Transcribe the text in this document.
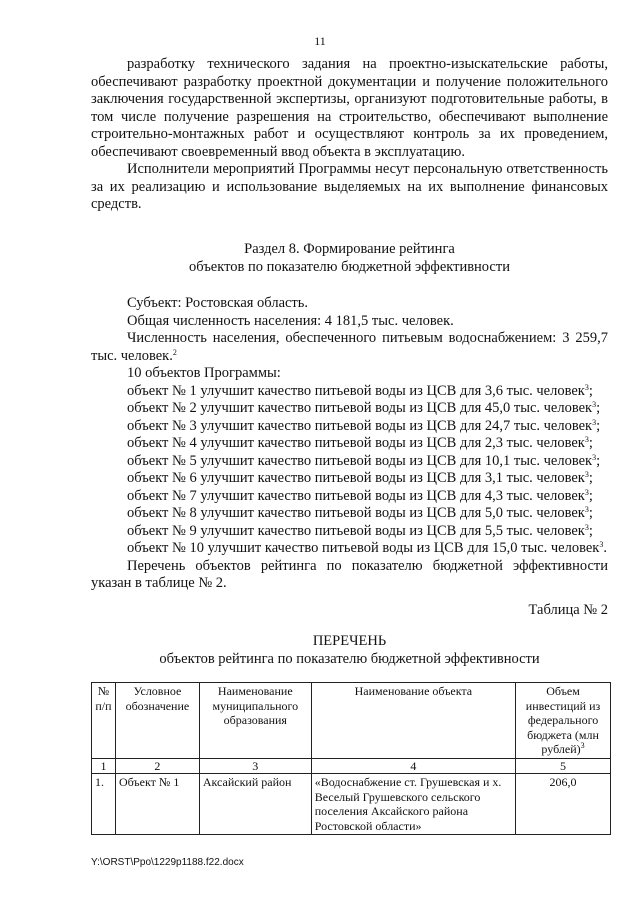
11

разработку технического задания на проектно-изыскательские работы, обеспечивают разработку проектной документации и получение положительного заключения государственной экспертизы, организуют подготовительные работы, в том числе получение разрешения на строительство, обеспечивают выполнение строительно-монтажных работ и осуществляют контроль за их проведением, обеспечивают своевременный ввод объекта в эксплуатацию.

Исполнители мероприятий Программы несут персональную ответственность за их реализацию и использование выделяемых на их выполнение финансовых средств.

Раздел 8. Формирование рейтинга

объектов по показателю бюджетной эффективности

Субъект: Ростовская область.

Общая численность населения: 4 181,5 тыс. человек.

Численность населения, обеспеченного питьевым водоснабжением: 3 259,7 тыс. человек.$^2$

10 объектов Программы:

объект № 1 улучшит качество питьевой воды из ЦСВ для 3,6 тыс. человек$^3$;

объект № 2 улучшит качество питьевой воды из ЦСВ для 45,0 тыс. человек$^3$;

объект № 3 улучшит качество питьевой воды из ЦСВ для 24,7 тыс. человек$^3$;

объект № 4 улучшит качество питьевой воды из ЦСВ для 2,3 тыс. человек$^3$;

объект № 5 улучшит качество питьевой воды из ЦСВ для 10,1 тыс. человек$^3$;

объект № 6 улучшит качество питьевой воды из ЦСВ для 3,1 тыс. человек$^3$;

объект № 7 улучшит качество питьевой воды из ЦСВ для 4,3 тыс. человек$^3$;

объект № 8 улучшит качество питьевой воды из ЦСВ для 5,0 тыс. человек$^3$;

объект № 9 улучшит качество питьевой воды из ЦСВ для 5,5 тыс. человек$^3$;

объект № 10 улучшит качество питьевой воды из ЦСВ для 15,0 тыс. человек$^3$.

Перечень объектов рейтинга по показателю бюджетной эффективности указан в таблице № 2.

Таблица № 2

ПЕРЕЧЕНЬ

объектов рейтинга по показателю бюджетной эффективности

№ п/п	Условное обозначение	Наименование муниципального образования	Наименование объекта	Объем инвестиций из федерального бюджета (млн рублей)$^3$
1	2	3	4	5
1.	Объект № 1	Аксайский район	«Водоснабжение ст. Грушевская и х. Веселый Грушевского сельского поселения Аксайского района Ростовской области»	206,0
Y:\ORST\Ppo\1229p1188.f22.docx
